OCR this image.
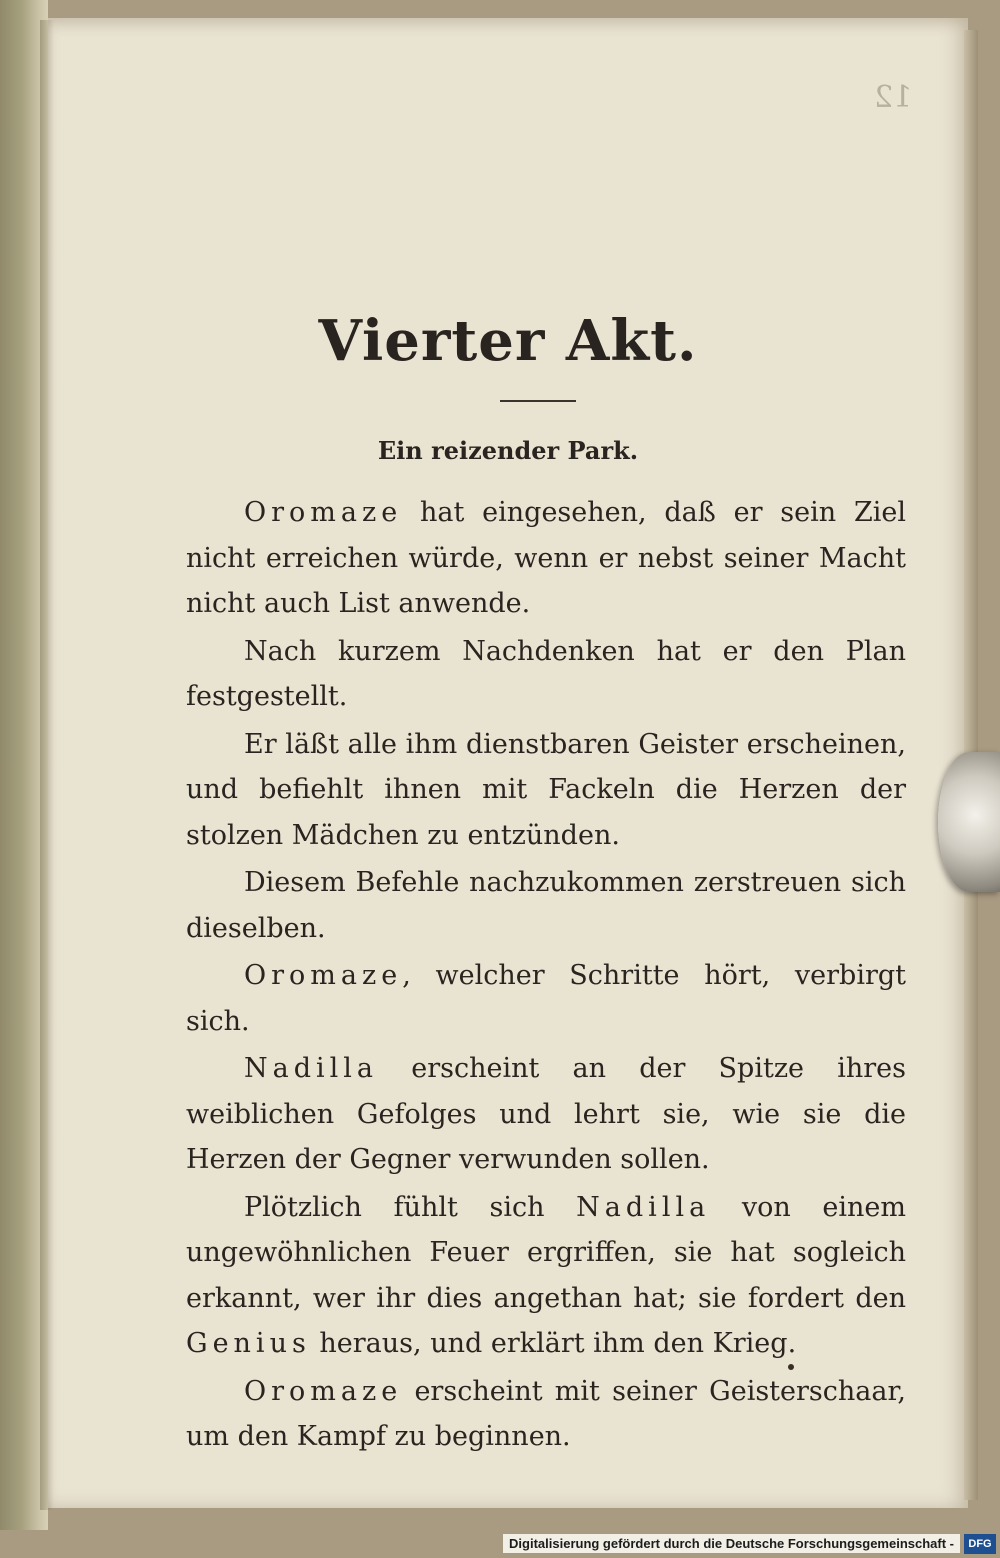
12
Vierter Akt.
Ein reizender Park.

Oromaze hat eingesehen, daß er sein Ziel nicht erreichen würde, wenn er nebst seiner Macht nicht auch List anwende.

Nach kurzem Nachdenken hat er den Plan festgestellt.

Er läßt alle ihm dienstbaren Geister erscheinen, und befiehlt ihnen mit Fackeln die Herzen der stolzen Mädchen zu entzünden.

Diesem Befehle nachzukommen zerstreuen sich dieselben.

Oromaze, welcher Schritte hört, verbirgt sich.

Nadilla erscheint an der Spitze ihres weiblichen Gefolges und lehrt sie, wie sie die Herzen der Gegner verwunden sollen.

Plötzlich fühlt sich Nadilla von einem ungewöhnlichen Feuer ergriffen, sie hat sogleich erkannt, wer ihr dies angethan hat; sie fordert den Genius heraus, und erklärt ihm den Krieg.

Oromaze erscheint mit seiner Geisterschaar, um den Kampf zu beginnen.

Digitalisierung gefördert durch die Deutsche Forschungsgemeinschaft -	DFG
